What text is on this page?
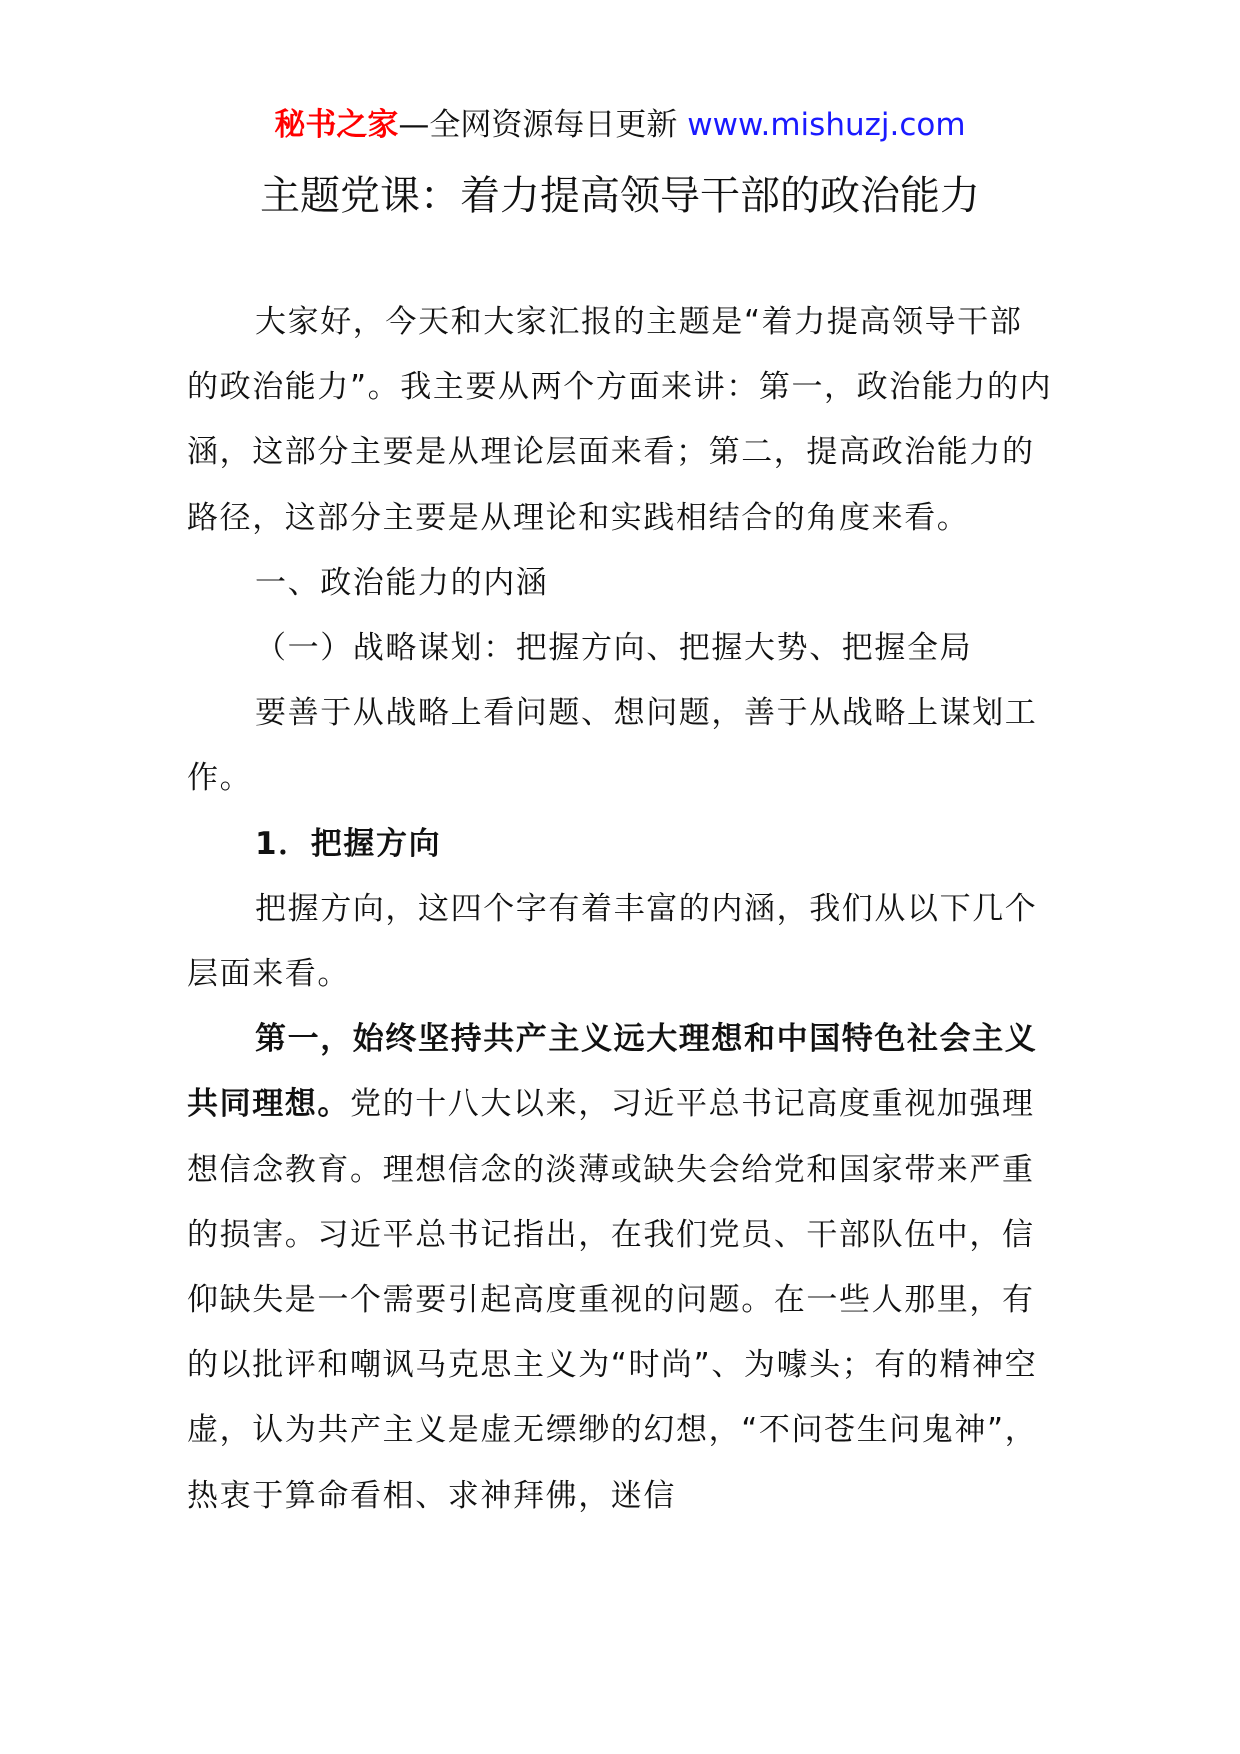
秘书之家—全网资源每日更新 www.mishuzj.com
主题党课：着力提高领导干部的政治能力

大家好，今天和大家汇报的主题是“着力提高领导干部的政治能力”。我主要从两个方面来讲：第一，政治能力的内涵，这部分主要是从理论层面来看；第二，提高政治能力的路径，这部分主要是从理论和实践相结合的角度来看。

一、政治能力的内涵

（一）战略谋划：把握方向、把握大势、把握全局

要善于从战略上看问题、想问题，善于从战略上谋划工作。

1．把握方向

把握方向，这四个字有着丰富的内涵，我们从以下几个层面来看。

第一，始终坚持共产主义远大理想和中国特色社会主义共同理想。党的十八大以来，习近平总书记高度重视加强理想信念教育。理想信念的淡薄或缺失会给党和国家带来严重的损害。习近平总书记指出，在我们党员、干部队伍中，信仰缺失是一个需要引起高度重视的问题。在一些人那里，有的以批评和嘲讽马克思主义为“时尚”、为噱头；有的精神空虚，认为共产主义是虚无缥缈的幻想，“不问苍生问鬼神”，热衷于算命看相、求神拜佛，迷信
